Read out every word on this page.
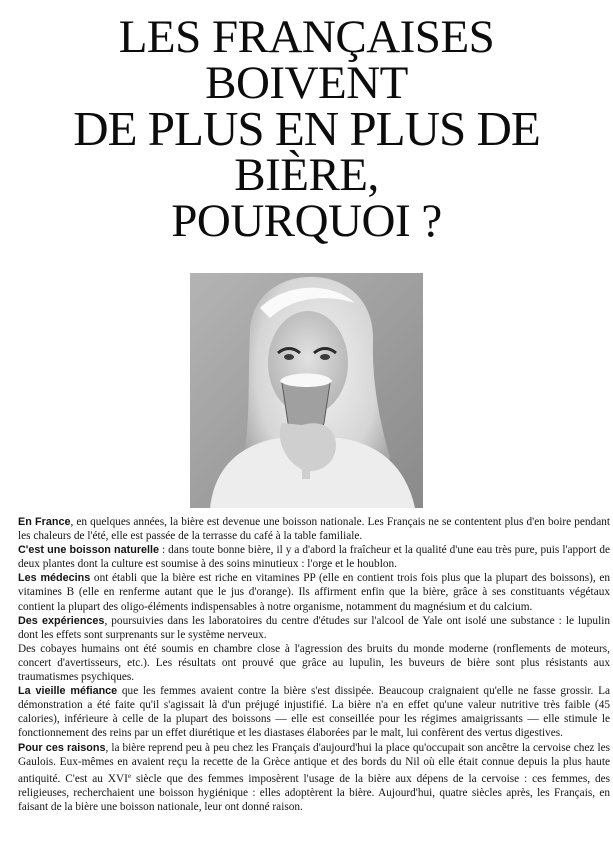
LES FRANÇAISES
BOIVENT
DE PLUS EN PLUS DE
BIÈRE,
POURQUOI ?

En France, en quelques années, la bière est devenue une boisson nationale. Les Français ne se contentent plus d'en boire pendant les chaleurs de l'été, elle est passée de la terrasse du café à la table familiale.

C'est une boisson naturelle : dans toute bonne bière, il y a d'abord la fraîcheur et la qualité d'une eau très pure, puis l'apport de deux plantes dont la culture est soumise à des soins minutieux : l'orge et le houblon.

Les médecins ont établi que la bière est riche en vitamines PP (elle en contient trois fois plus que la plupart des boissons), en vitamines B (elle en renferme autant que le jus d'orange). Ils affirment enfin que la bière, grâce à ses constituants végétaux contient la plupart des oligo-éléments indispensables à notre organisme, notamment du magnésium et du calcium.

Des expériences, poursuivies dans les laboratoires du centre d'études sur l'alcool de Yale ont isolé une substance : le lupulin dont les effets sont surprenants sur le système nerveux.

Des cobayes humains ont été soumis en chambre close à l'agression des bruits du monde moderne (ronflements de moteurs, concert d'avertisseurs, etc.). Les résultats ont prouvé que grâce au lupulin, les buveurs de bière sont plus résistants aux traumatismes psychiques.

La vieille méfiance que les femmes avaient contre la bière s'est dissipée. Beaucoup craignaient qu'elle ne fasse grossir. La démonstration a été faite qu'il s'agissait là d'un préjugé injustifié. La bière n'a en effet qu'une valeur nutritive très faible (45 calories), inférieure à celle de la plupart des boissons — elle est conseillée pour les régimes amaigrissants — elle stimule le fonctionnement des reins par un effet diurétique et les diastases élaborées par le malt, lui confèrent des vertus digestives.

Pour ces raisons, la bière reprend peu à peu chez les Français d'aujourd'hui la place qu'occupait son ancêtre la cervoise chez les Gaulois. Eux-mêmes en avaient reçu la recette de la Grèce antique et des bords du Nil où elle était connue depuis la plus haute antiquité. C'est au XVIe siècle que des femmes imposèrent l'usage de la bière aux dépens de la cervoise : ces femmes, des religieuses, recherchaient une boisson hygiénique : elles adoptèrent la bière. Aujourd'hui, quatre siècles après, les Français, en faisant de la bière une boisson nationale, leur ont donné raison.
